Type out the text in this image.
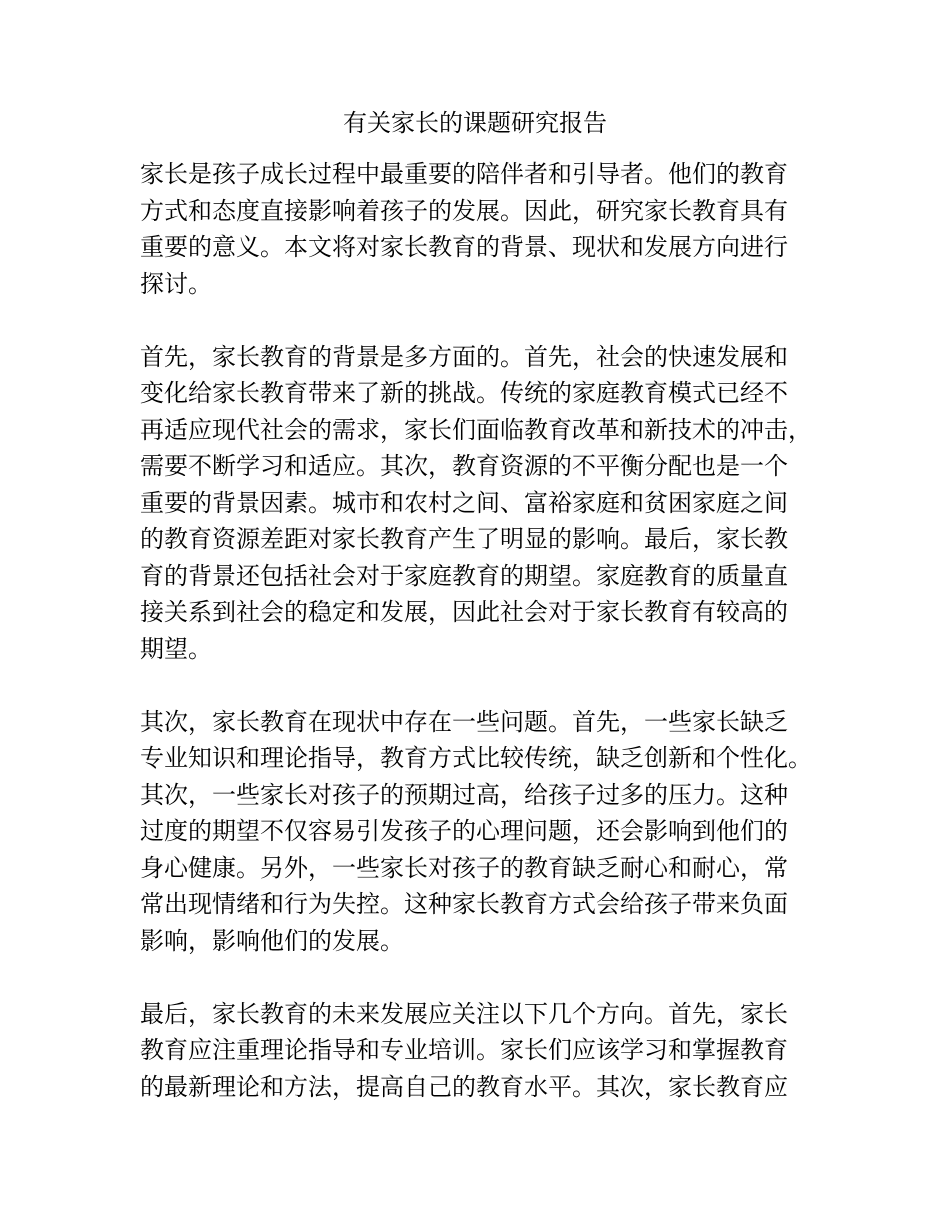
有关家长的课题研究报告
家长是孩子成长过程中最重要的陪伴者和引导者。他们的教育
方式和态度直接影响着孩子的发展。因此，研究家长教育具有
重要的意义。本文将对家长教育的背景、现状和发展方向进行
探讨。
首先，家长教育的背景是多方面的。首先，社会的快速发展和
变化给家长教育带来了新的挑战。传统的家庭教育模式已经不
再适应现代社会的需求，家长们面临教育改革和新技术的冲击，
需要不断学习和适应。其次，教育资源的不平衡分配也是一个
重要的背景因素。城市和农村之间、富裕家庭和贫困家庭之间
的教育资源差距对家长教育产生了明显的影响。最后，家长教
育的背景还包括社会对于家庭教育的期望。家庭教育的质量直
接关系到社会的稳定和发展，因此社会对于家长教育有较高的
期望。
其次，家长教育在现状中存在一些问题。首先，一些家长缺乏
专业知识和理论指导，教育方式比较传统，缺乏创新和个性化。
其次，一些家长对孩子的预期过高，给孩子过多的压力。这种
过度的期望不仅容易引发孩子的心理问题，还会影响到他们的
身心健康。另外，一些家长对孩子的教育缺乏耐心和耐心，常
常出现情绪和行为失控。这种家长教育方式会给孩子带来负面
影响，影响他们的发展。
最后，家长教育的未来发展应关注以下几个方向。首先，家长
教育应注重理论指导和专业培训。家长们应该学习和掌握教育
的最新理论和方法，提高自己的教育水平。其次，家长教育应
